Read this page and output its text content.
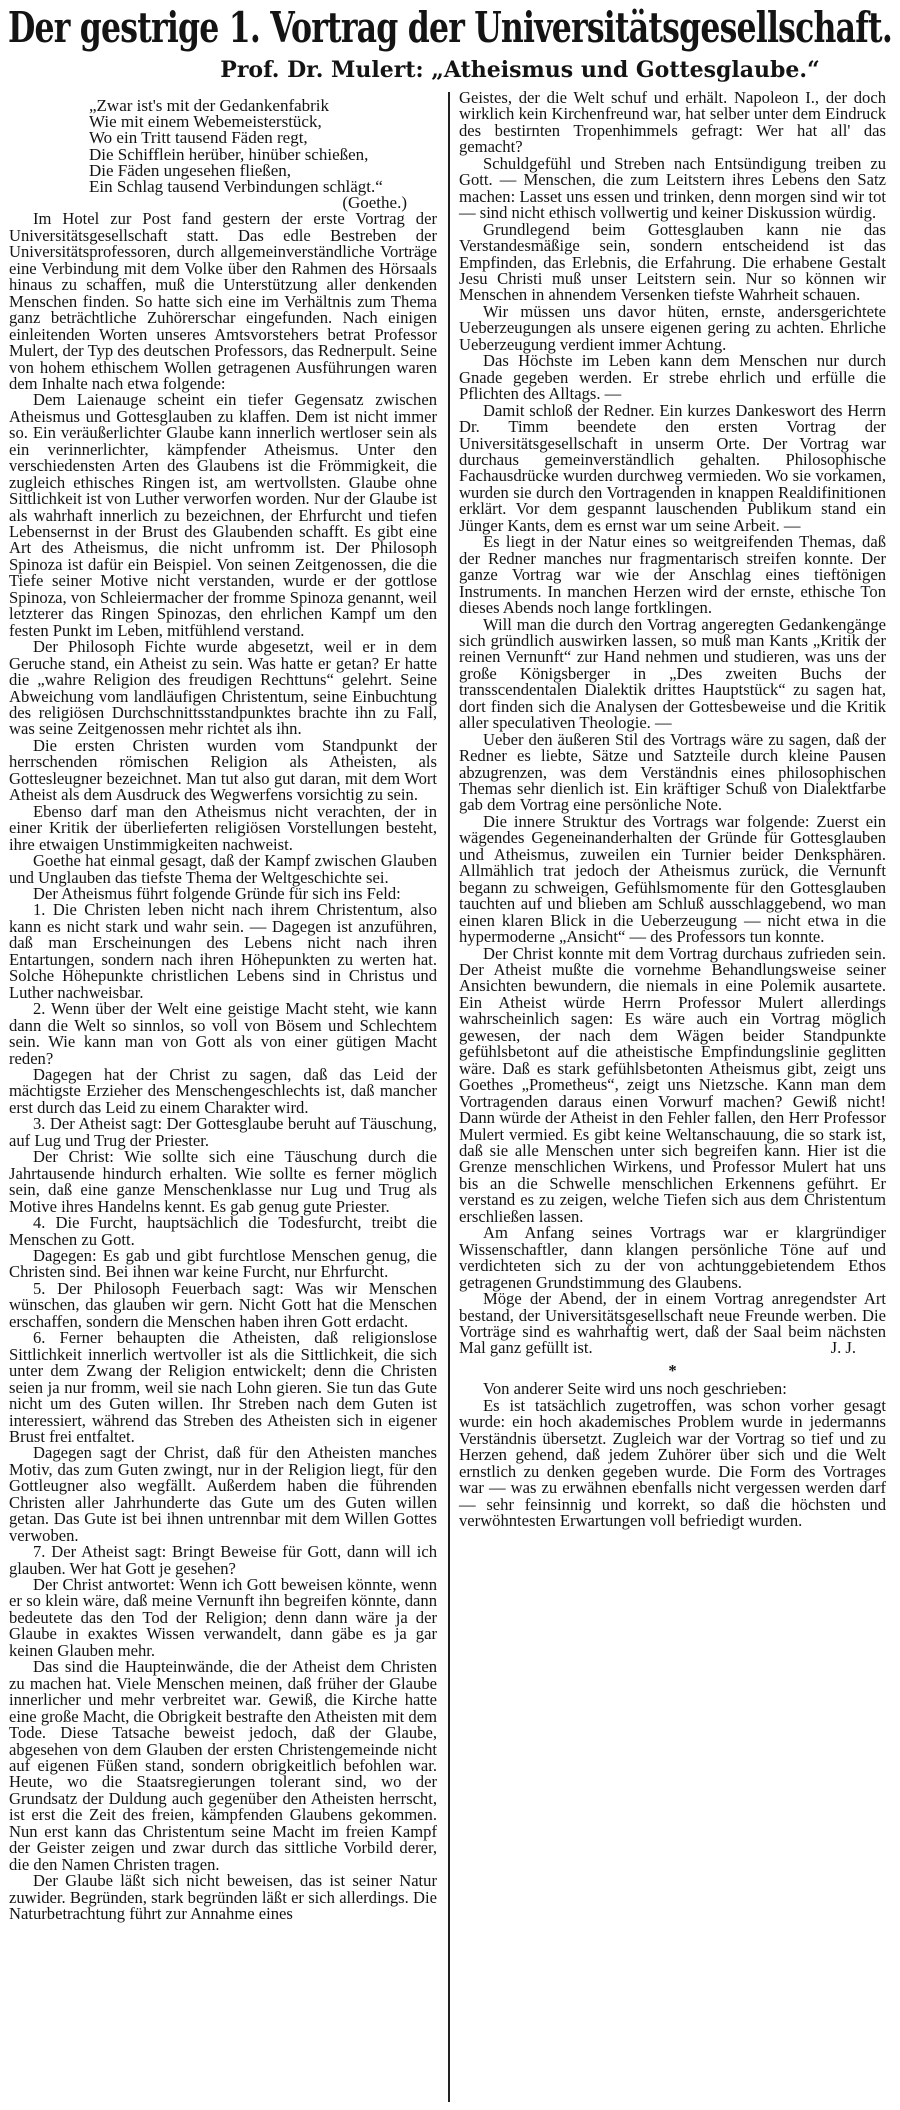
Der gestrige 1. Vortrag der Universitätsgesellschaft.
Prof. Dr. Mulert: „Atheismus und Gottesglaube.“
„Zwar ist's mit der Gedankenfabrik
Wie mit einem Webemeisterstück,
Wo ein Tritt tausend Fäden regt,
Die Schifflein herüber, hinüber schießen,
Die Fäden ungesehen fließen,
Ein Schlag tausend Verbindungen schlägt.“
(Goethe.)

Im Hotel zur Post fand gestern der erste Vortrag der Universitätsgesellschaft statt. Das edle Bestreben der Universitätsprofessoren, durch allgemeinverständliche Vorträge eine Verbindung mit dem Volke über den Rahmen des Hörsaals hinaus zu schaffen, muß die Unterstützung aller denkenden Menschen finden. So hatte sich eine im Verhältnis zum Thema ganz beträchtliche Zuhörerschar eingefunden. Nach einigen einleitenden Worten unseres Amtsvorstehers betrat Professor Mulert, der Typ des deutschen Professors, das Rednerpult. Seine von hohem ethischem Wollen getragenen Ausführungen waren dem Inhalte nach etwa folgende:

Dem Laienauge scheint ein tiefer Gegensatz zwischen Atheismus und Gottesglauben zu klaffen. Dem ist nicht immer so. Ein veräußerlichter Glaube kann innerlich wertloser sein als ein verinnerlichter, kämpfender Atheismus. Unter den verschiedensten Arten des Glaubens ist die Frömmigkeit, die zugleich ethisches Ringen ist, am wertvollsten. Glaube ohne Sittlichkeit ist von Luther verworfen worden. Nur der Glaube ist als wahrhaft innerlich zu bezeichnen, der Ehrfurcht und tiefen Lebensernst in der Brust des Glaubenden schafft. Es gibt eine Art des Atheismus, die nicht unfromm ist. Der Philosoph Spinoza ist dafür ein Beispiel. Von seinen Zeitgenossen, die die Tiefe seiner Motive nicht verstanden, wurde er der gottlose Spinoza, von Schleiermacher der fromme Spinoza genannt, weil letzterer das Ringen Spinozas, den ehrlichen Kampf um den festen Punkt im Leben, mitfühlend verstand.

Der Philosoph Fichte wurde abgesetzt, weil er in dem Geruche stand, ein Atheist zu sein. Was hatte er getan? Er hatte die „wahre Religion des freudigen Rechttuns“ gelehrt. Seine Abweichung vom landläufigen Christentum, seine Einbuchtung des religiösen Durchschnittsstandpunktes brachte ihn zu Fall, was seine Zeitgenossen mehr richtet als ihn.

Die ersten Christen wurden vom Standpunkt der herrschenden römischen Religion als Atheisten, als Gottesleugner bezeichnet. Man tut also gut daran, mit dem Wort Atheist als dem Ausdruck des Wegwerfens vorsichtig zu sein.

Ebenso darf man den Atheismus nicht verachten, der in einer Kritik der überlieferten religiösen Vorstellungen besteht, ihre etwaigen Unstimmigkeiten nachweist.

Goethe hat einmal gesagt, daß der Kampf zwischen Glauben und Unglauben das tiefste Thema der Weltgeschichte sei.

Der Atheismus führt folgende Gründe für sich ins Feld:

1. Die Christen leben nicht nach ihrem Christentum, also kann es nicht stark und wahr sein. — Dagegen ist anzuführen, daß man Erscheinungen des Lebens nicht nach ihren Entartungen, sondern nach ihren Höhepunkten zu werten hat. Solche Höhepunkte christlichen Lebens sind in Christus und Luther nachweisbar.

2. Wenn über der Welt eine geistige Macht steht, wie kann dann die Welt so sinnlos, so voll von Bösem und Schlechtem sein. Wie kann man von Gott als von einer gütigen Macht reden?

Dagegen hat der Christ zu sagen, daß das Leid der mächtigste Erzieher des Menschengeschlechts ist, daß mancher erst durch das Leid zu einem Charakter wird.

3. Der Atheist sagt: Der Gottesglaube beruht auf Täuschung, auf Lug und Trug der Priester.

Der Christ: Wie sollte sich eine Täuschung durch die Jahrtausende hindurch erhalten. Wie sollte es ferner möglich sein, daß eine ganze Menschenklasse nur Lug und Trug als Motive ihres Handelns kennt. Es gab genug gute Priester.

4. Die Furcht, hauptsächlich die Todesfurcht, treibt die Menschen zu Gott.

Dagegen: Es gab und gibt furchtlose Menschen genug, die Christen sind. Bei ihnen war keine Furcht, nur Ehrfurcht.

5. Der Philosoph Feuerbach sagt: Was wir Menschen wünschen, das glauben wir gern. Nicht Gott hat die Menschen erschaffen, sondern die Menschen haben ihren Gott erdacht.

6. Ferner behaupten die Atheisten, daß religionslose Sittlichkeit innerlich wertvoller ist als die Sittlichkeit, die sich unter dem Zwang der Religion entwickelt; denn die Christen seien ja nur fromm, weil sie nach Lohn gieren. Sie tun das Gute nicht um des Guten willen. Ihr Streben nach dem Guten ist interessiert, während das Streben des Atheisten sich in eigener Brust frei entfaltet.

Dagegen sagt der Christ, daß für den Atheisten manches Motiv, das zum Guten zwingt, nur in der Religion liegt, für den Gottleugner also wegfällt. Außerdem haben die führenden Christen aller Jahrhunderte das Gute um des Guten willen getan. Das Gute ist bei ihnen untrennbar mit dem Willen Gottes verwoben.

7. Der Atheist sagt: Bringt Beweise für Gott, dann will ich glauben. Wer hat Gott je gesehen?

Der Christ antwortet: Wenn ich Gott beweisen könnte, wenn er so klein wäre, daß meine Vernunft ihn begreifen könnte, dann bedeutete das den Tod der Religion; denn dann wäre ja der Glaube in exaktes Wissen verwandelt, dann gäbe es ja gar keinen Glauben mehr.

Das sind die Haupteinwände, die der Atheist dem Christen zu machen hat. Viele Menschen meinen, daß früher der Glaube innerlicher und mehr verbreitet war. Gewiß, die Kirche hatte eine große Macht, die Obrigkeit bestrafte den Atheisten mit dem Tode. Diese Tatsache beweist jedoch, daß der Glaube, abgesehen von dem Glauben der ersten Christengemeinde nicht auf eigenen Füßen stand, sondern obrigkeitlich befohlen war. Heute, wo die Staatsregierungen tolerant sind, wo der Grundsatz der Duldung auch gegenüber den Atheisten herrscht, ist erst die Zeit des freien, kämpfenden Glaubens gekommen. Nun erst kann das Christentum seine Macht im freien Kampf der Geister zeigen und zwar durch das sittliche Vorbild derer, die den Namen Christen tragen.

Der Glaube läßt sich nicht beweisen, das ist seiner Natur zuwider. Begründen, stark begründen läßt er sich allerdings. Die Naturbetrachtung führt zur Annahme eines

Geistes, der die Welt schuf und erhält. Napoleon I., der doch wirklich kein Kirchenfreund war, hat selber unter dem Eindruck des bestirnten Tropenhimmels gefragt: Wer hat all' das gemacht?

Schuldgefühl und Streben nach Entsündigung treiben zu Gott. — Menschen, die zum Leitstern ihres Lebens den Satz machen: Lasset uns essen und trinken, denn morgen sind wir tot — sind nicht ethisch vollwertig und keiner Diskussion würdig.

Grundlegend beim Gottesglauben kann nie das Verstandesmäßige sein, sondern entscheidend ist das Empfinden, das Erlebnis, die Erfahrung. Die erhabene Gestalt Jesu Christi muß unser Leitstern sein. Nur so können wir Menschen in ahnendem Versenken tiefste Wahrheit schauen.

Wir müssen uns davor hüten, ernste, andersgerichtete Ueberzeugungen als unsere eigenen gering zu achten. Ehrliche Ueberzeugung verdient immer Achtung.

Das Höchste im Leben kann dem Menschen nur durch Gnade gegeben werden. Er strebe ehrlich und erfülle die Pflichten des Alltags. —

Damit schloß der Redner. Ein kurzes Dankeswort des Herrn Dr. Timm beendete den ersten Vortrag der Universitätsgesellschaft in unserm Orte. Der Vortrag war durchaus gemeinverständlich gehalten. Philosophische Fachausdrücke wurden durchweg vermieden. Wo sie vorkamen, wurden sie durch den Vortragenden in knappen Realdifinitionen erklärt. Vor dem gespannt lauschenden Publikum stand ein Jünger Kants, dem es ernst war um seine Arbeit. —

Es liegt in der Natur eines so weitgreifenden Themas, daß der Redner manches nur fragmentarisch streifen konnte. Der ganze Vortrag war wie der Anschlag eines tieftönigen Instruments. In manchen Herzen wird der ernste, ethische Ton dieses Abends noch lange fortklingen.

Will man die durch den Vortrag angeregten Gedankengänge sich gründlich auswirken lassen, so muß man Kants „Kritik der reinen Vernunft“ zur Hand nehmen und studieren, was uns der große Königsberger in „Des zweiten Buchs der transscendentalen Dialektik drittes Hauptstück“ zu sagen hat, dort finden sich die Analysen der Gottesbeweise und die Kritik aller speculativen Theologie. —

Ueber den äußeren Stil des Vortrags wäre zu sagen, daß der Redner es liebte, Sätze und Satzteile durch kleine Pausen abzugrenzen, was dem Verständnis eines philosophischen Themas sehr dienlich ist. Ein kräftiger Schuß von Dialektfarbe gab dem Vortrag eine persönliche Note.

Die innere Struktur des Vortrags war folgende: Zuerst ein wägendes Gegeneinanderhalten der Gründe für Gottesglauben und Atheismus, zuweilen ein Turnier beider Denksphären. Allmählich trat jedoch der Atheismus zurück, die Vernunft begann zu schweigen, Gefühlsmomente für den Gottesglauben tauchten auf und blieben am Schluß ausschlaggebend, wo man einen klaren Blick in die Ueberzeugung — nicht etwa in die hypermoderne „Ansicht“ — des Professors tun konnte.

Der Christ konnte mit dem Vortrag durchaus zufrieden sein. Der Atheist mußte die vornehme Behandlungsweise seiner Ansichten bewundern, die niemals in eine Polemik ausartete. Ein Atheist würde Herrn Professor Mulert allerdings wahrscheinlich sagen: Es wäre auch ein Vortrag möglich gewesen, der nach dem Wägen beider Standpunkte gefühlsbetont auf die atheistische Empfindungslinie geglitten wäre. Daß es stark gefühlsbetonten Atheismus gibt, zeigt uns Goethes „Prometheus“, zeigt uns Nietzsche. Kann man dem Vortragenden daraus einen Vorwurf machen? Gewiß nicht! Dann würde der Atheist in den Fehler fallen, den Herr Professor Mulert vermied. Es gibt keine Weltanschauung, die so stark ist, daß sie alle Menschen unter sich begreifen kann. Hier ist die Grenze menschlichen Wirkens, und Professor Mulert hat uns bis an die Schwelle menschlichen Erkennens geführt. Er verstand es zu zeigen, welche Tiefen sich aus dem Christentum erschließen lassen.

Am Anfang seines Vortrags war er klargründiger Wissenschaftler, dann klangen persönliche Töne auf und verdichteten sich zu der von achtunggebietendem Ethos getragenen Grundstimmung des Glaubens.

Möge der Abend, der in einem Vortrag anregendster Art bestand, der Universitätsgesellschaft neue Freunde werben. Die Vorträge sind es wahrhaftig wert, daß der Saal beim nächsten Mal ganz gefüllt ist.	J. J.

*

Von anderer Seite wird uns noch geschrieben:

Es ist tatsächlich zugetroffen, was schon vorher gesagt wurde: ein hoch akademisches Problem wurde in jedermanns Verständnis übersetzt. Zugleich war der Vortrag so tief und zu Herzen gehend, daß jedem Zuhörer über sich und die Welt ernstlich zu denken gegeben wurde. Die Form des Vortrages war — was zu erwähnen ebenfalls nicht vergessen werden darf — sehr feinsinnig und korrekt, so daß die höchsten und verwöhntesten Erwartungen voll befriedigt wurden.
